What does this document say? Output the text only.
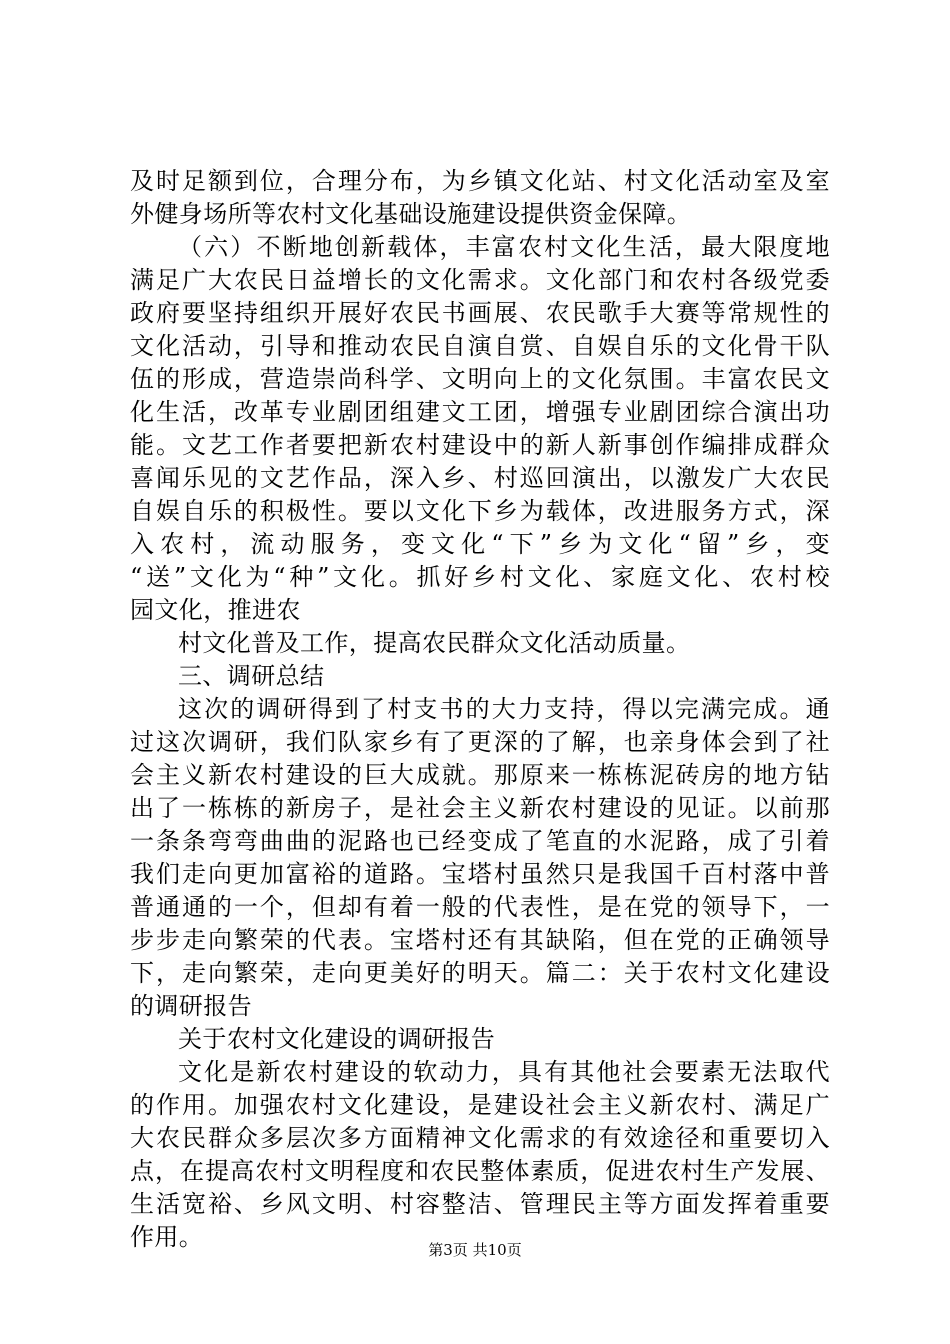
及时足额到位，合理分布，为乡镇文化站、村文化活动室及室
外健身场所等农村文化基础设施建设提供资金保障。
（六）不断地创新载体，丰富农村文化生活，最大限度地
满足广大农民日益增长的文化需求。文化部门和农村各级党委
政府要坚持组织开展好农民书画展、农民歌手大赛等常规性的
文化活动，引导和推动农民自演自赏、自娱自乐的文化骨干队
伍的形成，营造崇尚科学、文明向上的文化氛围。丰富农民文
化生活，改革专业剧团组建文工团，增强专业剧团综合演出功
能。文艺工作者要把新农村建设中的新人新事创作编排成群众
喜闻乐见的文艺作品，深入乡、村巡回演出，以激发广大农民
自娱自乐的积极性。要以文化下乡为载体，改进服务方式，深
入农村，流动服务，变文化“下”乡为文化“留”乡，变
“送”文化为“种”文化。抓好乡村文化、家庭文化、农村校
园文化，推进农
村文化普及工作，提高农民群众文化活动质量。
三、调研总结
这次的调研得到了村支书的大力支持，得以完满完成。通
过这次调研，我们队家乡有了更深的了解，也亲身体会到了社
会主义新农村建设的巨大成就。那原来一栋栋泥砖房的地方钻
出了一栋栋的新房子，是社会主义新农村建设的见证。以前那
一条条弯弯曲曲的泥路也已经变成了笔直的水泥路，成了引着
我们走向更加富裕的道路。宝塔村虽然只是我国千百村落中普
普通通的一个，但却有着一般的代表性，是在党的领导下，一
步步走向繁荣的代表。宝塔村还有其缺陷，但在党的正确领导
下，走向繁荣，走向更美好的明天。篇二：关于农村文化建设
的调研报告
关于农村文化建设的调研报告
文化是新农村建设的软动力，具有其他社会要素无法取代
的作用。加强农村文化建设，是建设社会主义新农村、满足广
大农民群众多层次多方面精神文化需求的有效途径和重要切入
点，在提高农村文明程度和农民整体素质，促进农村生产发展、
生活宽裕、乡风文明、村容整洁、管理民主等方面发挥着重要
作用。	第3页 共10页
